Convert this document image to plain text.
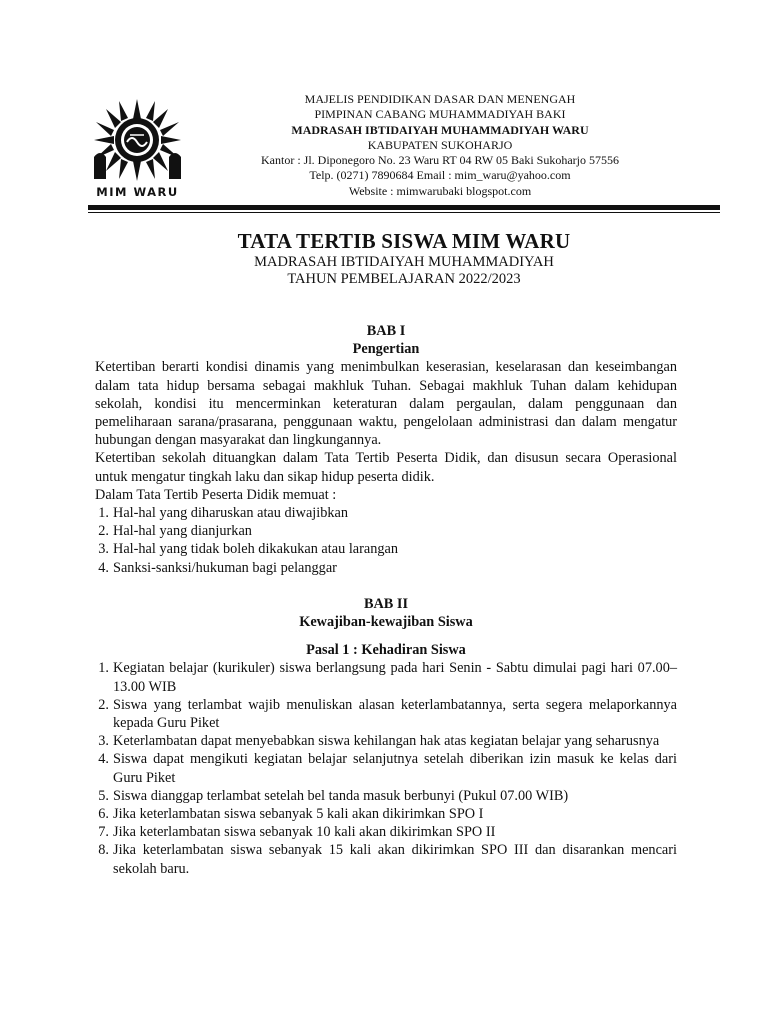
MIM WARU
MAJELIS PENDIDIKAN DASAR DAN MENENGAH
PIMPINAN CABANG MUHAMMADIYAH BAKI
MADRASAH IBTIDAIYAH MUHAMMADIYAH WARU
KABUPATEN SUKOHARJO
Kantor : Jl. Diponegoro No. 23 Waru RT 04 RW 05 Baki Sukoharjo 57556
Telp. (0271) 7890684 Email : mim_waru@yahoo.com
Website : mimwarubaki blogspot.com
TATA TERTIB SISWA MIM WARU
MADRASAH IBTIDAIYAH MUHAMMADIYAH
TAHUN PEMBELAJARAN 2022/2023
BAB I
Pengertian

Ketertiban berarti kondisi dinamis yang menimbulkan keserasian, keselarasan dan keseimbangan dalam tata hidup bersama sebagai makhluk Tuhan. Sebagai makhluk Tuhan dalam kehidupan sekolah, kondisi itu mencerminkan keteraturan dalam pergaulan, dalam penggunaan dan pemeliharaan sarana/prasarana, penggunaan waktu, pengelolaan administrasi dan dalam mengatur hubungan dengan masyarakat dan lingkungannya.

Ketertiban sekolah dituangkan dalam Tata Tertib Peserta Didik, dan disusun secara Operasional untuk mengatur tingkah laku dan sikap hidup peserta didik.

Dalam Tata Tertib Peserta Didik memuat :

1. Hal-hal yang diharuskan atau diwajibkan
2. Hal-hal yang dianjurkan
3. Hal-hal yang tidak boleh dikakukan atau larangan
4. Sanksi-sanksi/hukuman bagi pelanggar
BAB II
Kewajiban-kewajiban Siswa
Pasal 1 : Kehadiran Siswa
1. Kegiatan belajar (kurikuler) siswa berlangsung pada hari Senin - Sabtu dimulai pagi hari 07.00– 13.00 WIB
2. Siswa yang terlambat wajib menuliskan alasan keterlambatannya, serta segera melaporkannya kepada Guru Piket
3. Keterlambatan dapat menyebabkan siswa kehilangan hak atas kegiatan belajar yang seharusnya
4. Siswa dapat mengikuti kegiatan belajar selanjutnya setelah diberikan izin masuk ke kelas dari Guru Piket
5. Siswa dianggap terlambat setelah bel tanda masuk berbunyi (Pukul 07.00 WIB)
6. Jika keterlambatan siswa sebanyak 5 kali akan dikirimkan SPO I
7. Jika keterlambatan siswa sebanyak 10 kali akan dikirimkan SPO II
8. Jika keterlambatan siswa sebanyak 15 kali akan dikirimkan SPO III dan disarankan mencari sekolah baru.
